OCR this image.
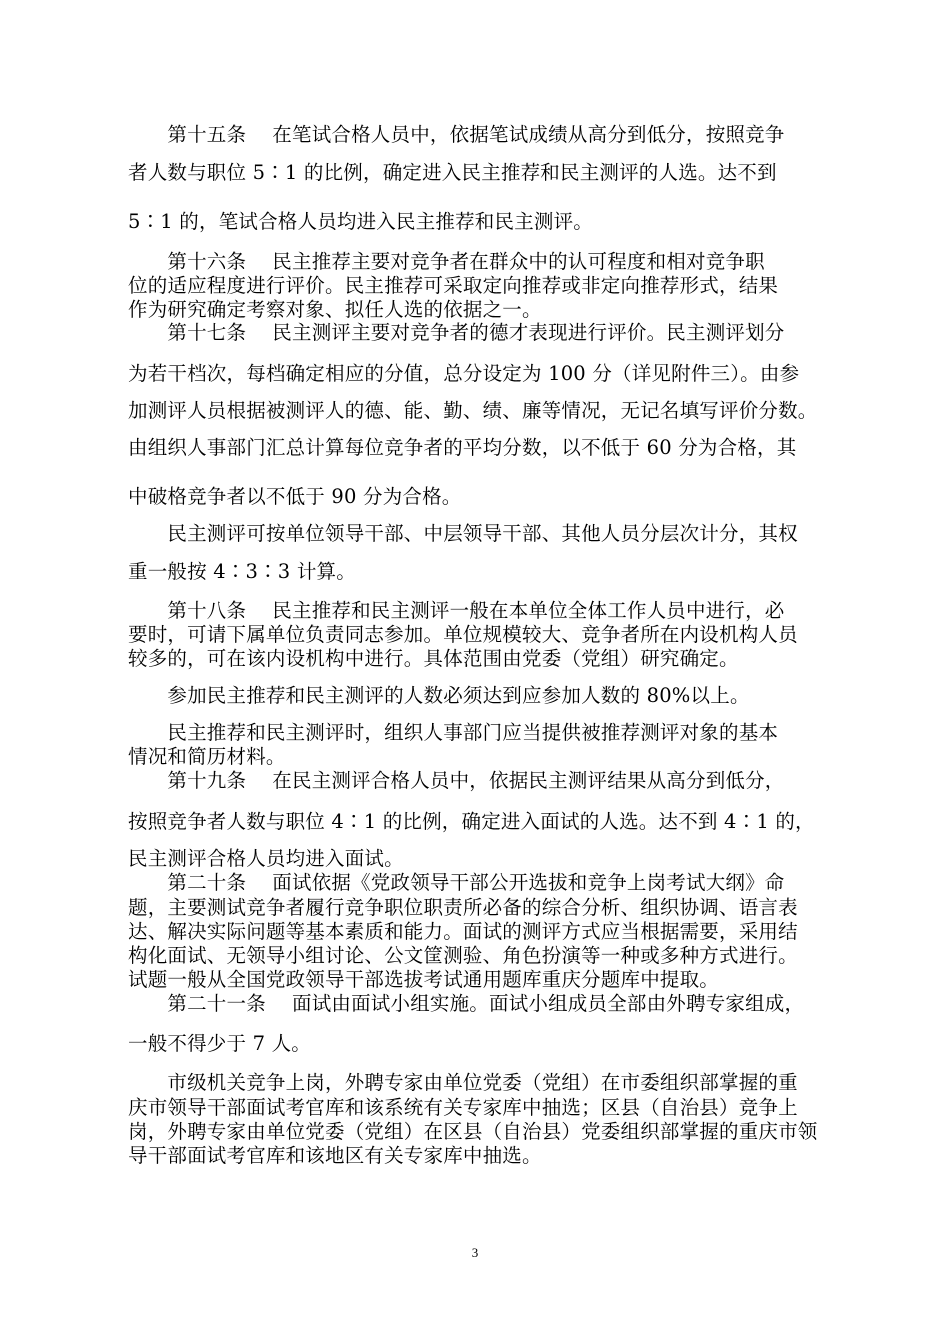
　　第十五条　 在笔试合格人员中，依据笔试成绩从高分到低分，按照竞争
者人数与职位 5∶1 的比例，确定进入民主推荐和民主测评的人选。达不到
5∶1 的，笔试合格人员均进入民主推荐和民主测评。
　　第十六条　 民主推荐主要对竞争者在群众中的认可程度和相对竞争职
位的适应程度进行评价。民主推荐可采取定向推荐或非定向推荐形式，结果
作为研究确定考察对象、拟任人选的依据之一。
　　第十七条　 民主测评主要对竞争者的德才表现进行评价。民主测评划分
为若干档次，每档确定相应的分值，总分设定为 100 分（详见附件三）。由参
加测评人员根据被测评人的德、能、勤、绩、廉等情况，无记名填写评价分数。
由组织人事部门汇总计算每位竞争者的平均分数，以不低于 60 分为合格，其
中破格竞争者以不低于 90 分为合格。
　　民主测评可按单位领导干部、中层领导干部、其他人员分层次计分，其权
重一般按 4∶3∶3 计算。
　　第十八条　 民主推荐和民主测评一般在本单位全体工作人员中进行，必
要时，可请下属单位负责同志参加。单位规模较大、竞争者所在内设机构人员
较多的，可在该内设机构中进行。具体范围由党委（党组）研究确定。
　　参加民主推荐和民主测评的人数必须达到应参加人数的 80%以上。
　　民主推荐和民主测评时，组织人事部门应当提供被推荐测评对象的基本
情况和简历材料。
　　第十九条　 在民主测评合格人员中，依据民主测评结果从高分到低分，
按照竞争者人数与职位 4∶1 的比例，确定进入面试的人选。达不到 4∶1 的，
民主测评合格人员均进入面试。
　　第二十条　 面试依据《党政领导干部公开选拔和竞争上岗考试大纲》命
题，主要测试竞争者履行竞争职位职责所必备的综合分析、组织协调、语言表
达、解决实际问题等基本素质和能力。面试的测评方式应当根据需要，采用结
构化面试、无领导小组讨论、公文筐测验、角色扮演等一种或多种方式进行。
试题一般从全国党政领导干部选拔考试通用题库重庆分题库中提取。
　　第二十一条　 面试由面试小组实施。面试小组成员全部由外聘专家组成，
一般不得少于 7 人。
　　市级机关竞争上岗，外聘专家由单位党委（党组）在市委组织部掌握的重
庆市领导干部面试考官库和该系统有关专家库中抽选；区县（自治县）竞争上
岗，外聘专家由单位党委（党组）在区县（自治县）党委组织部掌握的重庆市领
导干部面试考官库和该地区有关专家库中抽选。
3
